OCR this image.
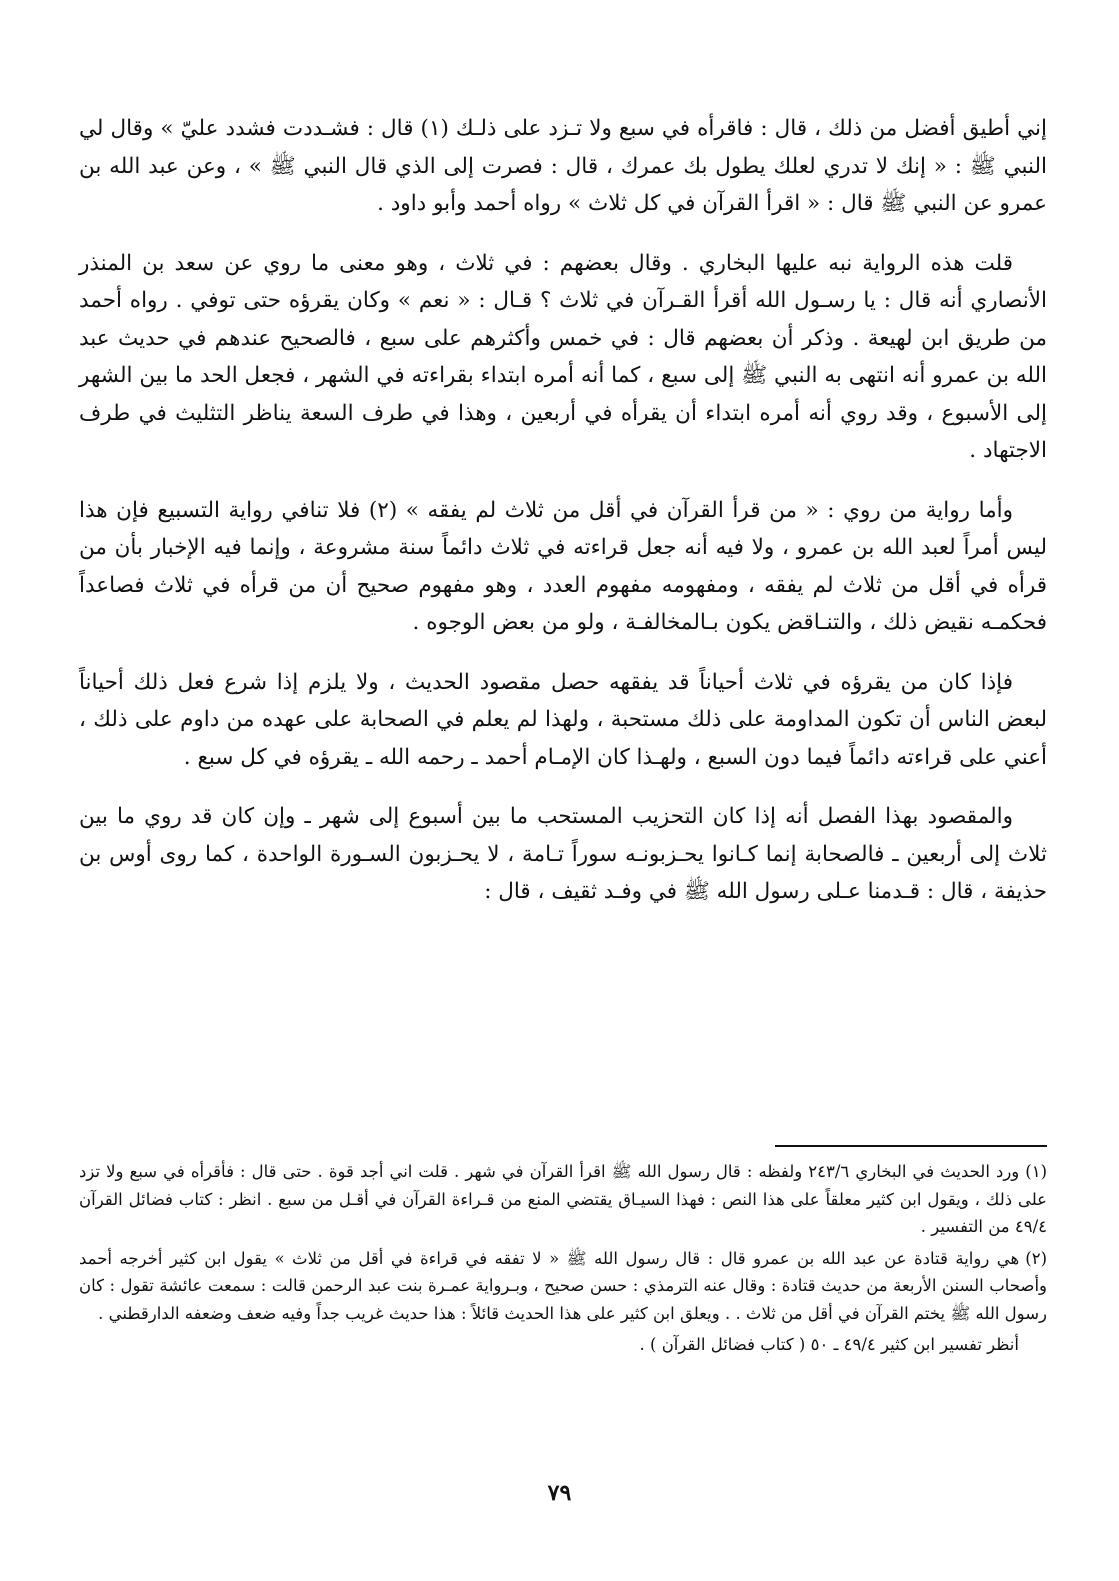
إني أطيق أفضل من ذلك ، قال : فاقرأه في سبع ولا تـزد على ذلـك (١) قال : فشـددت فشدد عليّ » وقال لي النبي ﷺ : « إنك لا تدري لعلك يطول بك عمرك ، قال : فصرت إلى الذي قال النبي ﷺ » ، وعن عبد الله بن عمرو عن النبي ﷺ قال : « اقرأ القرآن في كل ثلاث » رواه أحمد وأبو داود .

قلت هذه الرواية نبه عليها البخاري . وقال بعضهم : في ثلاث ، وهو معنى ما روي عن سعد بن المنذر الأنصاري أنه قال : يا رسـول الله أقرأ القـرآن في ثلاث ؟ قـال : « نعم » وكان يقرؤه حتى توفي . رواه أحمد من طريق ابن لهيعة . وذكر أن بعضهم قال : في خمس وأكثرهم على سبع ، فالصحيح عندهم في حديث عبد الله بن عمرو أنه انتهى به النبي ﷺ إلى سبع ، كما أنه أمره ابتداء بقراءته في الشهر ، فجعل الحد ما بين الشهر إلى الأسبوع ، وقد روي أنه أمره ابتداء أن يقرأه في أربعين ، وهذا في طرف السعة يناظر التثليث في طرف الاجتهاد .

وأما رواية من روي : « من قرأ القرآن في أقل من ثلاث لم يفقه » (٢) فلا تنافي رواية التسبيع فإن هذا ليس أمراً لعبد الله بن عمرو ، ولا فيه أنه جعل قراءته في ثلاث دائماً سنة مشروعة ، وإنما فيه الإخبار بأن من قرأه في أقل من ثلاث لم يفقه ، ومفهومه مفهوم العدد ، وهو مفهوم صحيح أن من قرأه في ثلاث فصاعداً فحكمـه نقيض ذلك ، والتنـاقض يكون بـالمخالفـة ، ولو من بعض الوجوه .

فإذا كان من يقرؤه في ثلاث أحياناً قد يفقهه حصل مقصود الحديث ، ولا يلزم إذا شرع فعل ذلك أحياناً لبعض الناس أن تكون المداومة على ذلك مستحبة ، ولهذا لم يعلم في الصحابة على عهده من داوم على ذلك ، أعني على قراءته دائماً فيما دون السبع ، ولهـذا كان الإمـام أحمد ـ رحمه الله ـ يقرؤه في كل سبع .

والمقصود بهذا الفصل أنه إذا كان التحزيب المستحب ما بين أسبوع إلى شهر ـ وإن كان قد روي ما بين ثلاث إلى أربعين ـ فالصحابة إنما كـانوا يحـزبونـه سوراً تـامة ، لا يحـزبون السـورة الواحدة ، كما روى أوس بن حذيفة ، قال : قـدمنا عـلى رسول الله ﷺ في وفـد ثقيف ، قال :

(١)ورد الحديث في البخاري ٢٤٣/٦ ولفظه : قال رسول الله ﷺ اقرأ القرآن في شهر . قلت اني أجد قوة . حتى قال : فأقرأه في سبع ولا تزد على ذلك ، ويقول ابن كثير معلقاً على هذا النص : فهذا السيـاق يقتضي المنع من قـراءة القرآن في أقـل من سبع . انظر : كتاب فضائل القرآن ٤٩/٤ من التفسير .

(٢)هي رواية قتادة عن عبد الله بن عمرو قال : قال رسول الله ﷺ « لا تفقه في قراءة في أقل من ثلاث » يقول ابن كثير أخرجه أحمد وأصحاب السنن الأربعة من حديث قتادة : وقال عنه الترمذي : حسن صحيح ، وبـرواية عمـرة بنت عبد الرحمن قالت : سمعت عائشة تقول : كان رسول الله ﷺ يختم القرآن في أقل من ثلاث . . ويعلق ابن كثير على هذا الحديث قائلاً : هذا حديث غريب جداً وفيه ضعف وضعفه الدارقطني .

أنظر تفسير ابن كثير ٤٩/٤ ـ ٥٠ ( كتاب فضائل القرآن ) .

٧٩
